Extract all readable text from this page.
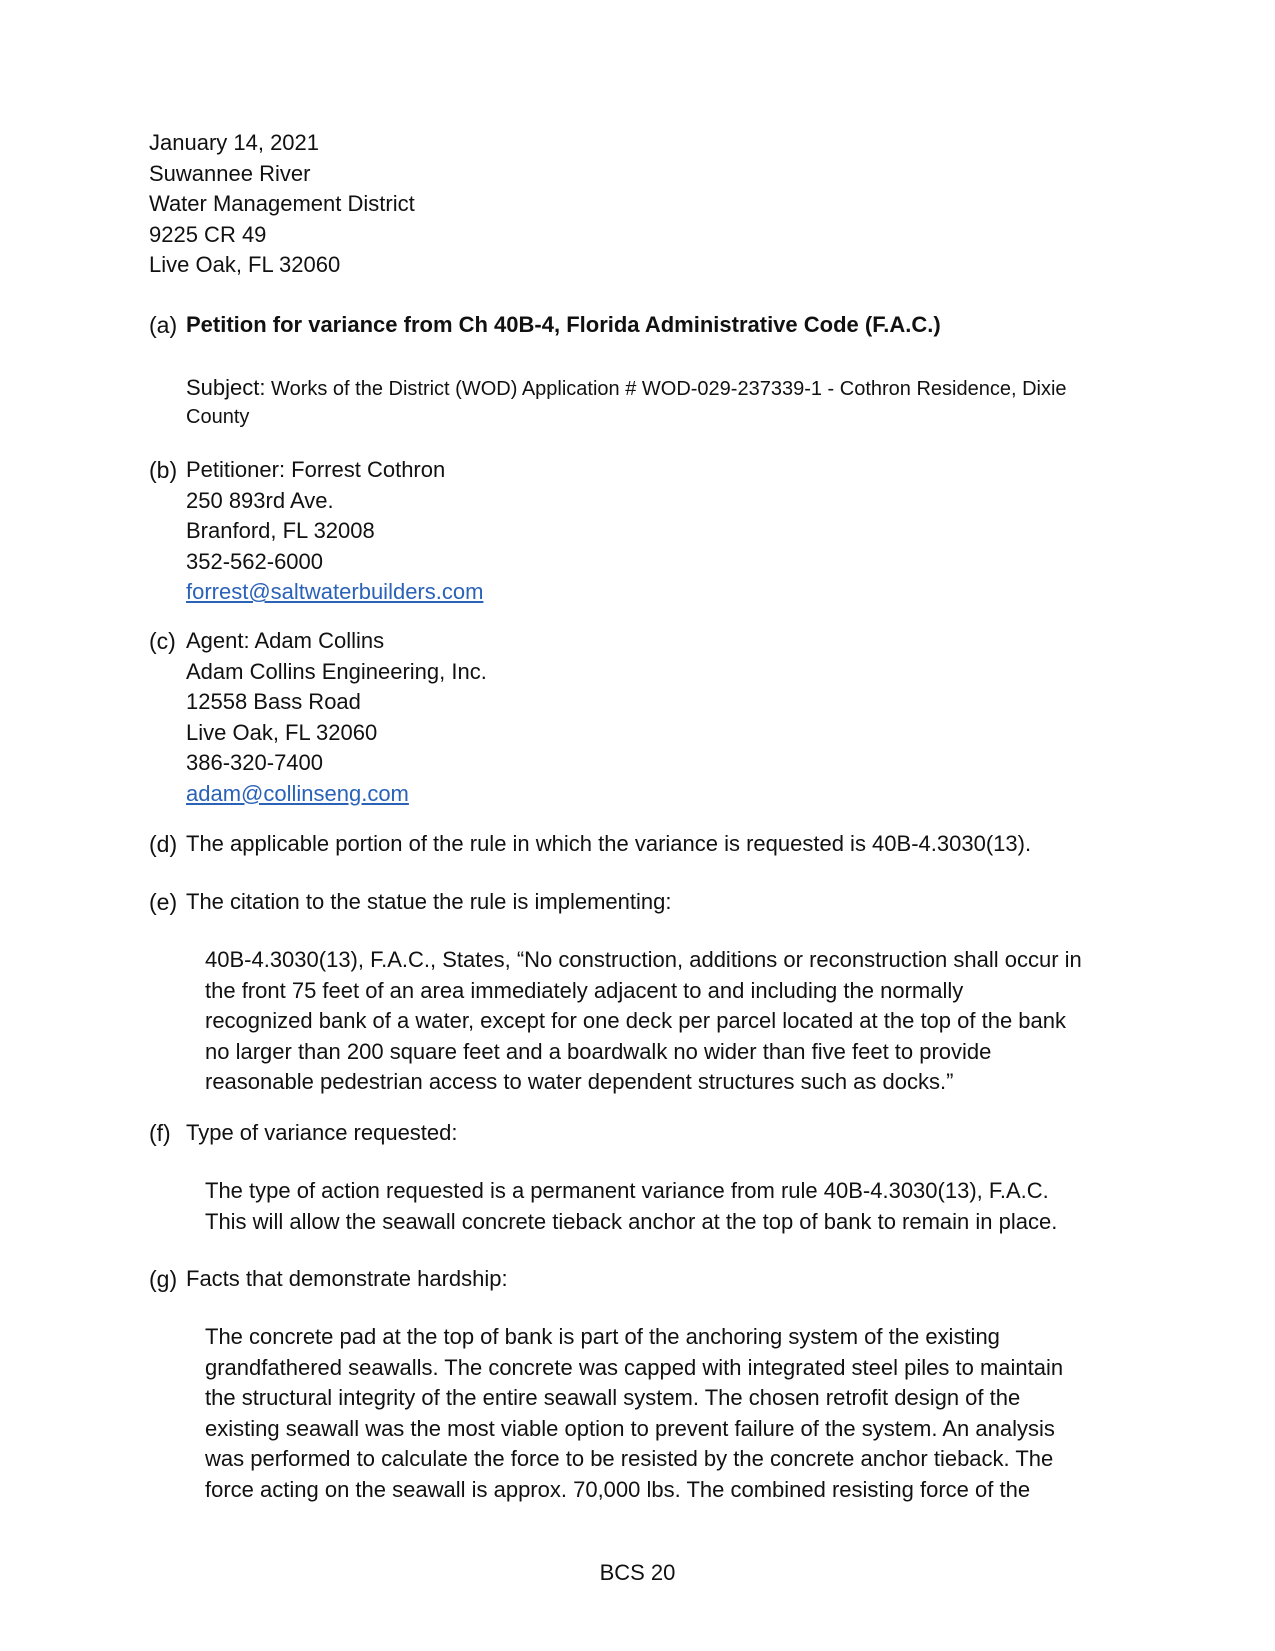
January 14, 2021
Suwannee River
Water Management District
9225 CR 49
Live Oak, FL 32060
(a) Petition for variance from Ch 40B-4, Florida Administrative Code (F.A.C.)
Subject: Works of the District (WOD) Application # WOD-029-237339-1 - Cothron Residence, Dixie
County
(b) Petitioner: Forrest Cothron
250 893rd Ave.
Branford, FL 32008
352-562-6000
forrest@saltwaterbuilders.com
(c) Agent: Adam Collins
Adam Collins Engineering, Inc.
12558 Bass Road
Live Oak, FL 32060
386-320-7400
adam@collinseng.com
(d) The applicable portion of the rule in which the variance is requested is 40B-4.3030(13).
(e) The citation to the statue the rule is implementing:
40B-4.3030(13), F.A.C., States, “No construction, additions or reconstruction shall occur in
the front 75 feet of an area immediately adjacent to and including the normally
recognized bank of a water, except for one deck per parcel located at the top of the bank
no larger than 200 square feet and a boardwalk no wider than five feet to provide
reasonable pedestrian access to water dependent structures such as docks.”
(f) Type of variance requested:
The type of action requested is a permanent variance from rule 40B-4.3030(13), F.A.C.
This will allow the seawall concrete tieback anchor at the top of bank to remain in place.
(g) Facts that demonstrate hardship:
The concrete pad at the top of bank is part of the anchoring system of the existing
grandfathered seawalls. The concrete was capped with integrated steel piles to maintain
the structural integrity of the entire seawall system. The chosen retrofit design of the
existing seawall was the most viable option to prevent failure of the system. An analysis
was performed to calculate the force to be resisted by the concrete anchor tieback. The
force acting on the seawall is approx. 70,000 lbs. The combined resisting force of the
BCS 20
